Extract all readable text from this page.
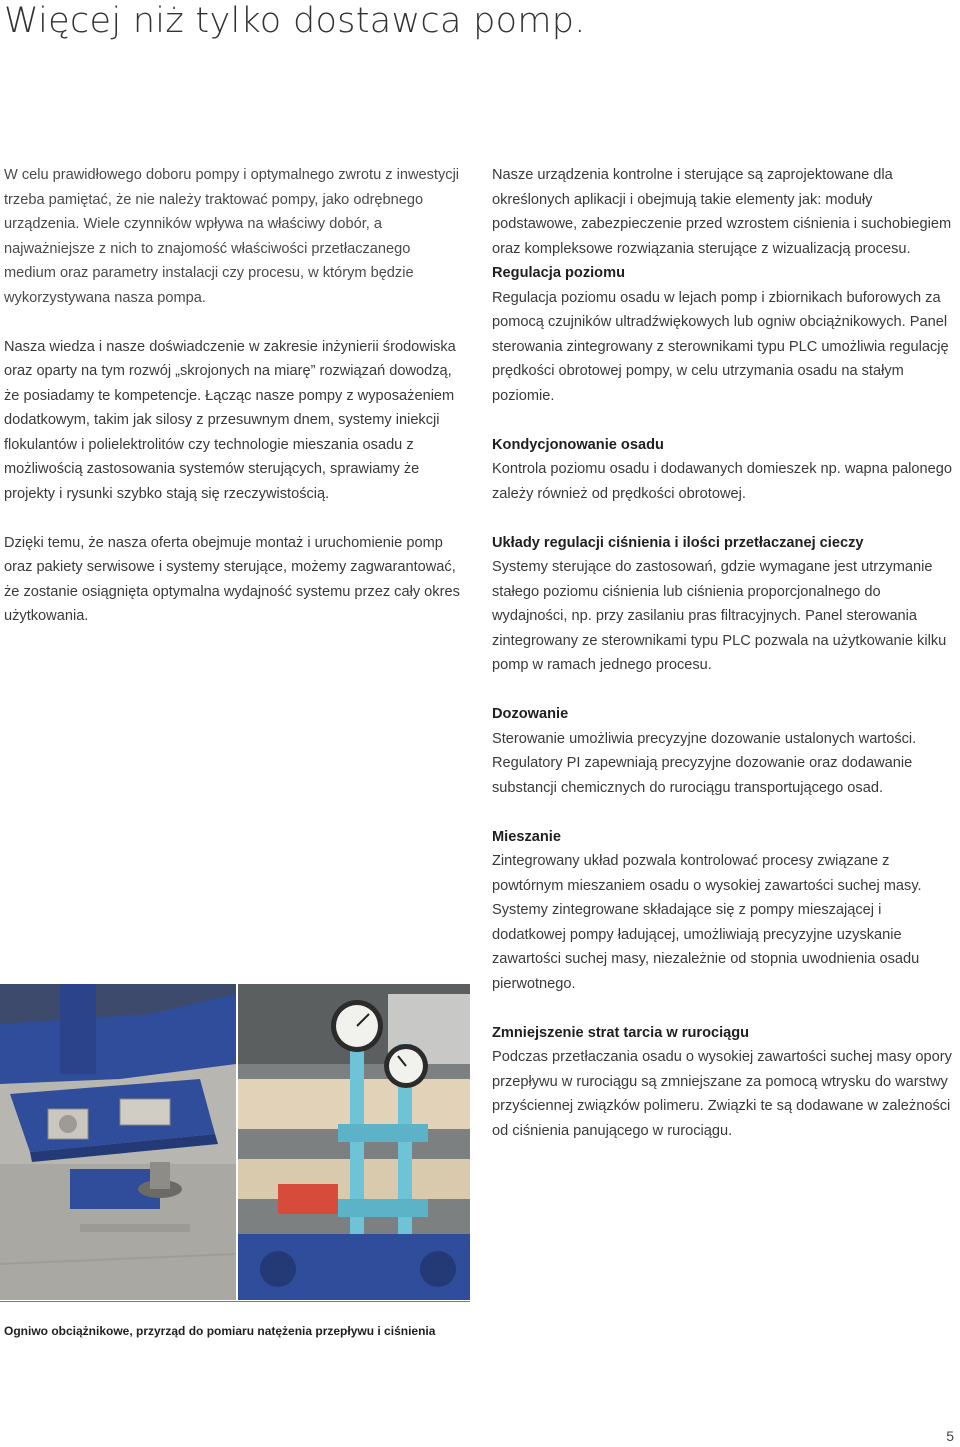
Więcej niż tylko dostawca pomp.

W celu prawidłowego doboru pompy i optymalnego zwrotu z inwestycji trzeba pamiętać, że nie należy traktować pompy, jako odrębnego urządzenia. Wiele czynników wpływa na właściwy dobór, a najważniejsze z nich to znajomość właściwości przetłaczanego medium oraz parametry instalacji czy procesu, w którym będzie wykorzystywana nasza pompa.

Nasza wiedza i nasze doświadczenie w zakresie inżynierii środowiska oraz oparty na tym rozwój „skrojonych na miarę” rozwiązań dowodzą, że posiadamy te kompetencje. Łącząc nasze pompy z wyposażeniem dodatkowym, takim jak silosy z przesuwnym dnem, systemy iniekcji flokulantów i polielektrolitów czy technologie mieszania osadu z możliwością zastosowania systemów sterujących, sprawiamy że projekty i rysunki szybko stają się rzeczywistością.

Dzięki temu, że nasza oferta obejmuje montaż i uruchomienie pomp oraz pakiety serwisowe i systemy sterujące, możemy zagwarantować, że zostanie osiągnięta optymalna wydajność systemu przez cały okres użytkowania.

Nasze urządzenia kontrolne i sterujące są zaprojektowane dla określonych aplikacji i obejmują takie elementy jak: moduły podstawowe, zabezpieczenie przed wzrostem ciśnienia i suchobiegiem oraz kompleksowe rozwiązania sterujące z wizualizacją procesu.

Regulacja poziomu

Regulacja poziomu osadu w lejach pomp i zbiornikach buforowych za pomocą czujników ultradźwiękowych lub ogniw obciążnikowych. Panel sterowania zintegrowany z sterownikami typu PLC umożliwia regulację prędkości obrotowej pompy, w celu utrzymania osadu na stałym poziomie.

Kondycjonowanie osadu

Kontrola poziomu osadu i dodawanych domieszek np. wapna palonego zależy również od prędkości obrotowej.

Układy regulacji ciśnienia i ilości przetłaczanej cieczy

Systemy sterujące do zastosowań, gdzie wymagane jest utrzymanie stałego poziomu ciśnienia lub ciśnienia proporcjonalnego do wydajności, np. przy zasilaniu pras filtracyjnych. Panel sterowania zintegrowany ze sterownikami typu PLC pozwala na użytkowanie kilku pomp w ramach jednego procesu.

Dozowanie

Sterowanie umożliwia precyzyjne dozowanie ustalonych wartości. Regulatory PI zapewniają precyzyjne dozowanie oraz dodawanie substancji chemicznych do rurociągu transportującego osad.

Mieszanie

Zintegrowany układ pozwala kontrolować procesy związane z powtórnym mieszaniem osadu o wysokiej zawartości suchej masy. Systemy zintegrowane składające się z pompy mieszającej i dodatkowej pompy ładującej, umożliwiają precyzyjne uzyskanie zawartości suchej masy, niezależnie od stopnia uwodnienia osadu pierwotnego.

Zmniejszenie strat tarcia w rurociągu

Podczas przetłaczania osadu o wysokiej zawartości suchej masy opory przepływu w rurociągu są zmniejszane za pomocą wtrysku do warstwy przyściennej związków polimeru. Związki te są dodawane w zależności od ciśnienia panującego w rurociągu.

Ogniwo obciążnikowe, przyrząd do pomiaru natężenia przepływu i ciśnienia

5
